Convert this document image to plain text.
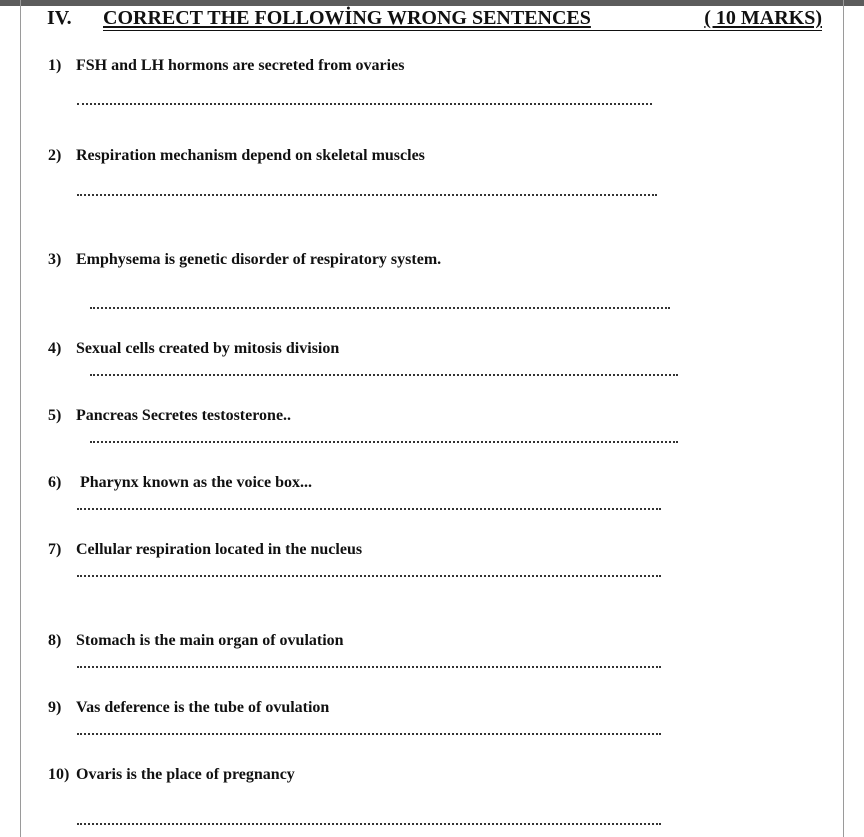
IV. CORRECT THE FOLLOWİNG WRONG SENTENCES	( 10 MARKS)
1) FSH and LH hormons are secreted from ovaries
2) Respiration mechanism depend on skeletal muscles
3) Emphysema is genetic disorder of respiratory system.
4) Sexual cells created by mitosis division
5) Pancreas Secretes testosterone..
6) Pharynx known as the voice box...
7) Cellular respiration located in the nucleus
8) Stomach is the main organ of ovulation
9) Vas deference is the tube of ovulation
10) Ovaris is the place of pregnancy
